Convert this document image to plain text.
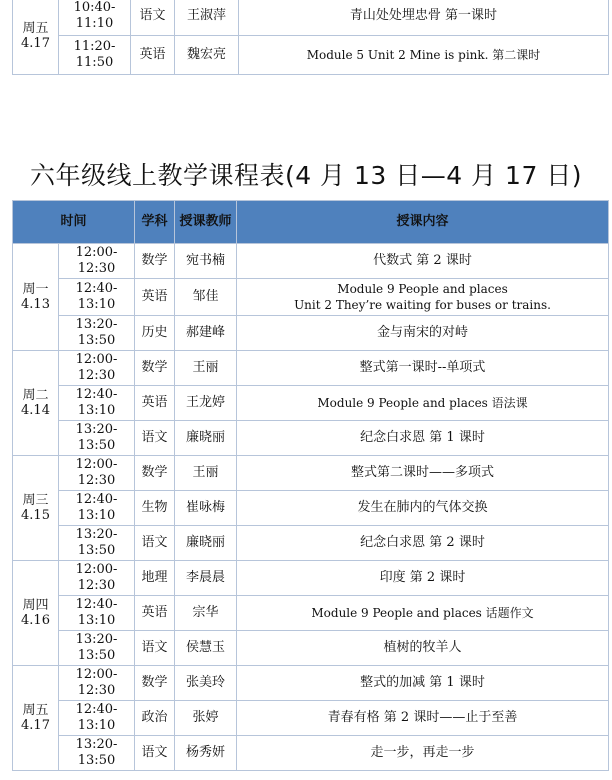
周五
4.17	10:40-11:10	语文	王淑萍	青山处处埋忠骨 第一课时
	11:20-11:50	英语	魏宏亮	Module 5 Unit 2 Mine is pink. 第二课时
六年级线上教学课程表(4 月 13 日—4 月 17 日)
时间		学科	授课教师	授课内容

周一
4.13	12:00-12:30	数学	宛书楠	代数式 第 2 课时

	12:40-13:10	英语	邹佳	Module 9 People and places
Unit 2 They’re waiting for buses or trains.

	13:20-13:50	历史	郝建峰	金与南宋的对峙

周二
4.14	12:00-12:30	数学	王丽	整式第一课时--单项式

	12:40-13:10	英语	王龙婷	Module 9 People and places 语法课

	13:20-13:50	语文	廉晓丽	纪念白求恩 第 1 课时

周三
4.15	12:00-12:30	数学	王丽	整式第二课时——多项式

	12:40-13:10	生物	崔咏梅	发生在肺内的气体交换

	13:20-13:50	语文	廉晓丽	纪念白求恩 第 2 课时

周四
4.16	12:00-12:30	地理	李晨晨	印度 第 2 课时

	12:40-13:10	英语	宗华	Module 9 People and places 话题作文

	13:20-13:50	语文	侯慧玉	植树的牧羊人

周五
4.17	12:00-12:30	数学	张美玲	整式的加减 第 1 课时

	12:40-13:10	政治	张婷	青春有格 第 2 课时——止于至善

	13:20-13:50	语文	杨秀妍	走一步，再走一步
